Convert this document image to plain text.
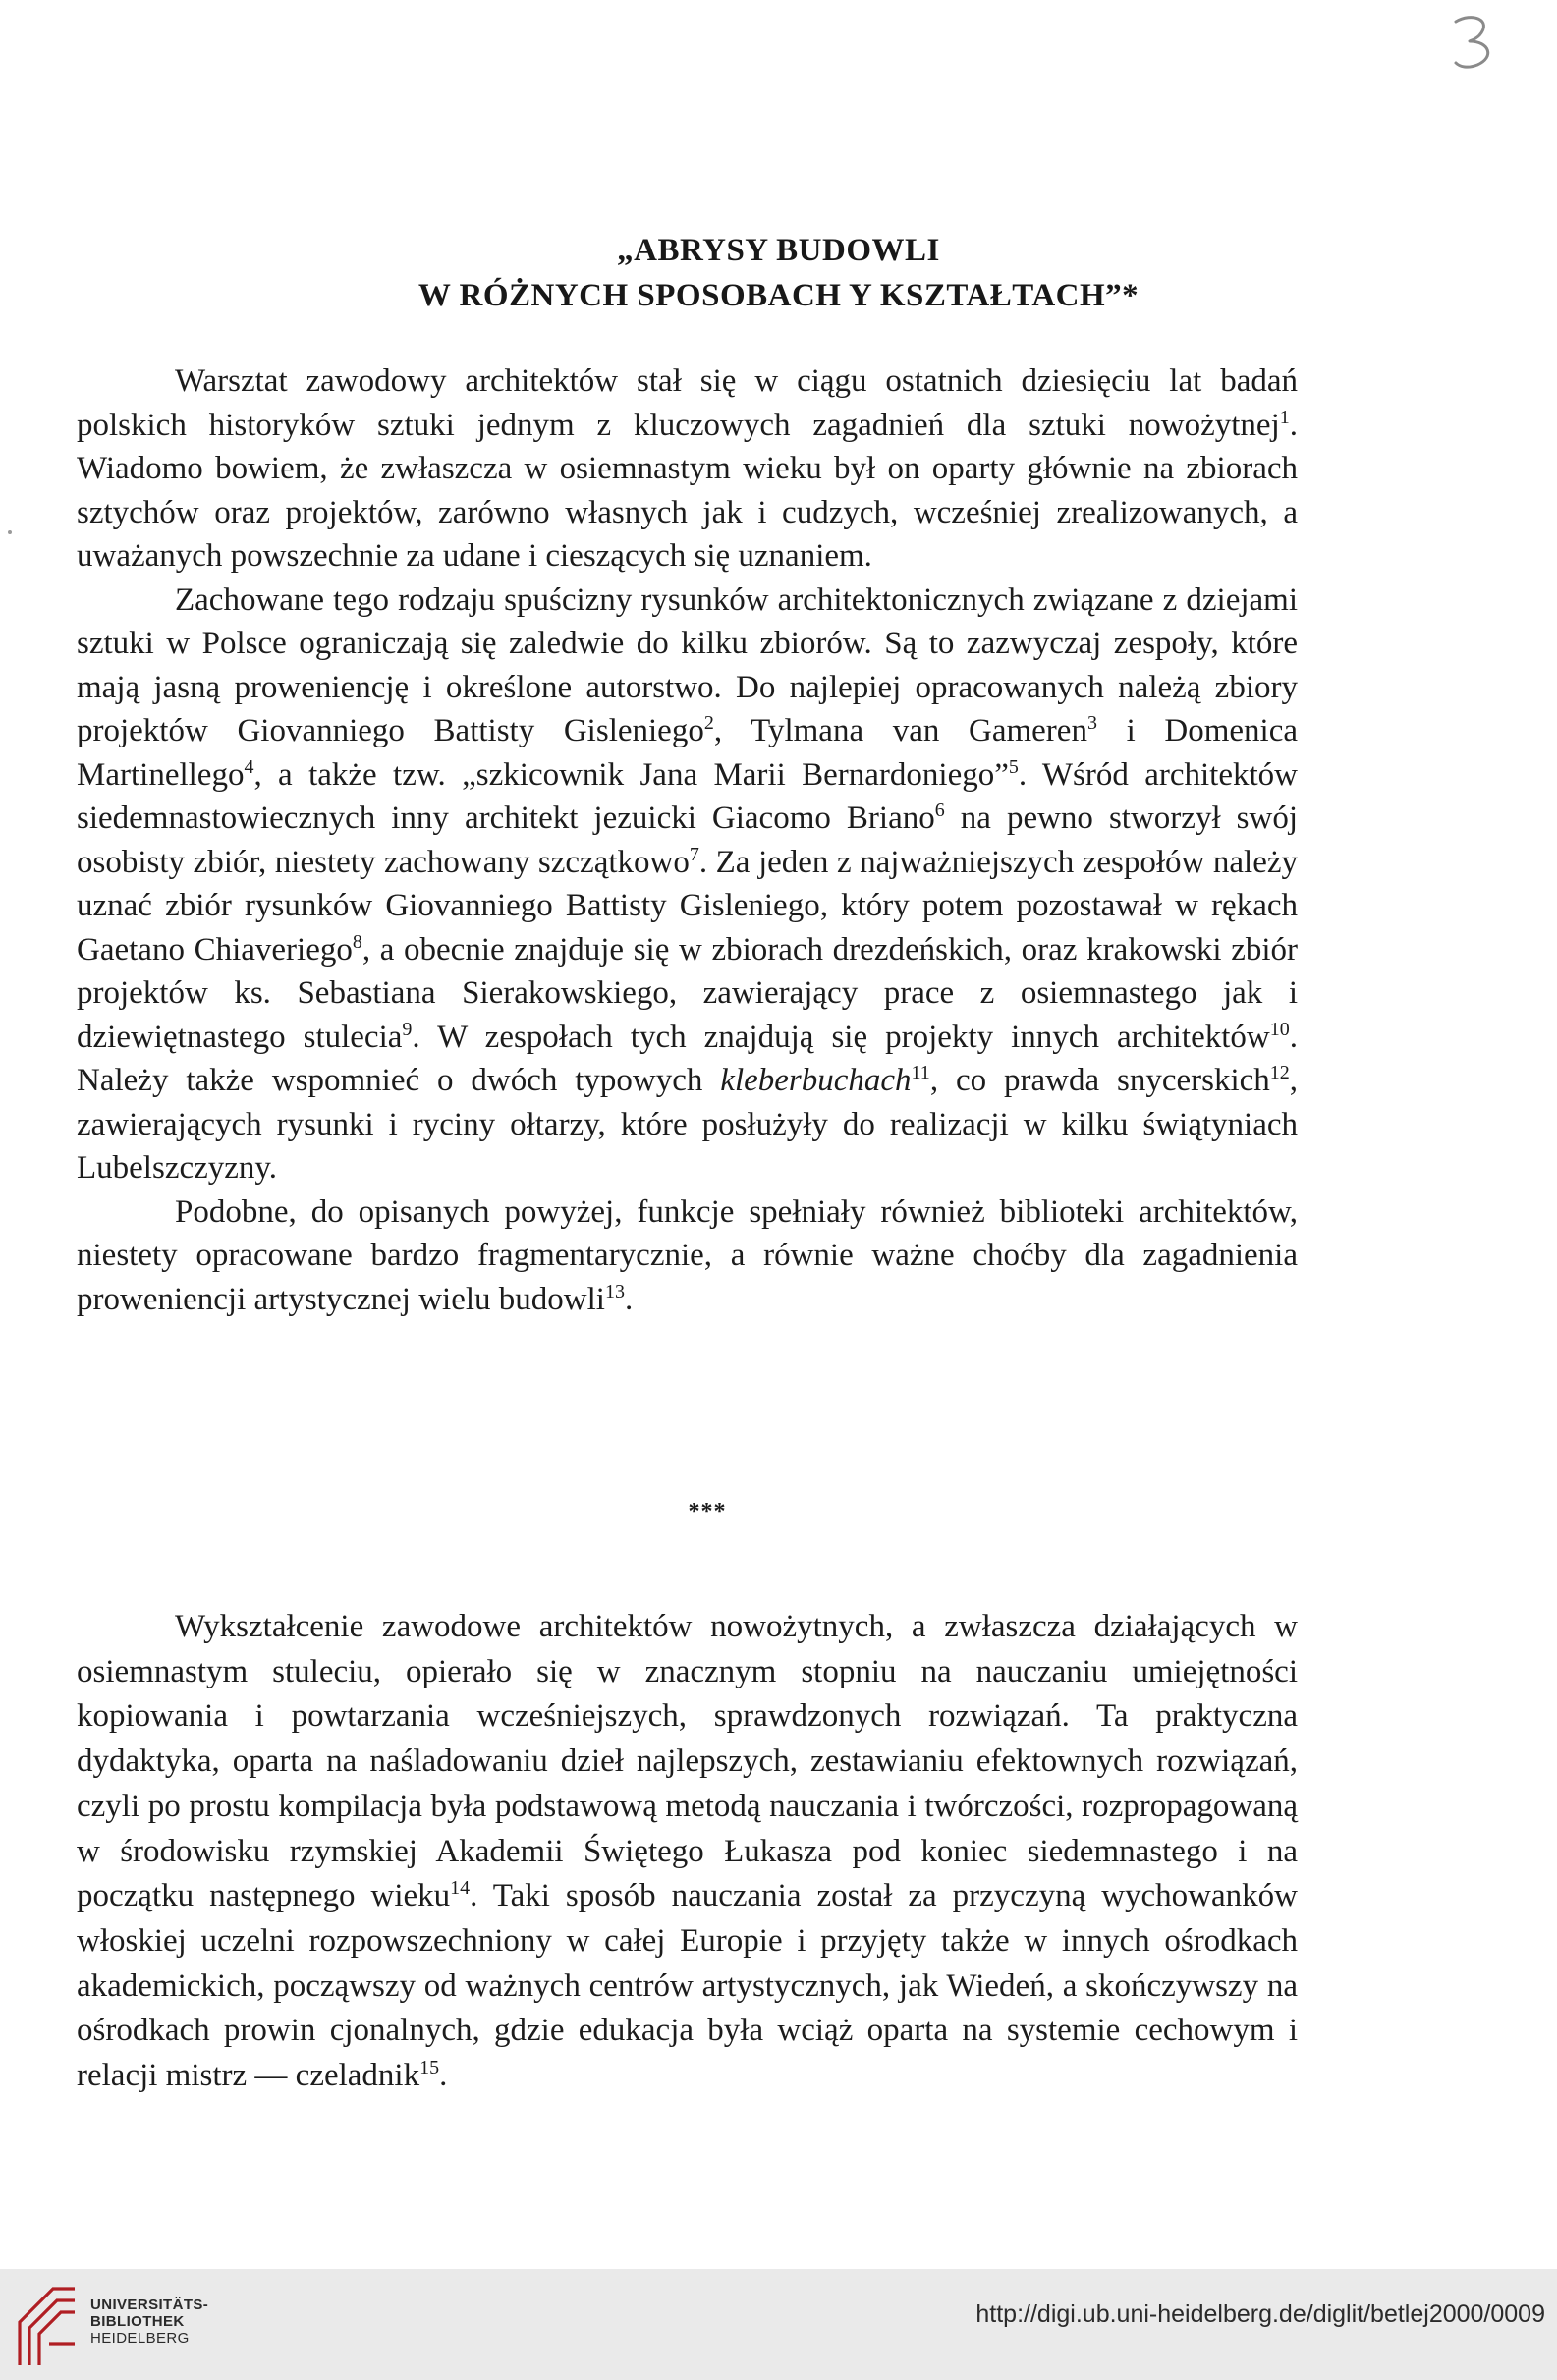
„ABRYSY BUDOWLI
W RÓŻNYCH SPOSOBACH Y KSZTAŁTACH”*

Warsztat zawodowy architektów stał się w ciągu ostatnich dziesięciu lat badań polskich historyków sztuki jednym z kluczowych zagadnień dla sztuki nowożytnej$^1$. Wiadomo bowiem, że zwłaszcza w osiemnastym wieku był on oparty głównie na zbiorach sztychów oraz projektów, zarówno własnych jak i cudzych, wcześniej zrealizowanych, a uważanych powszechnie za udane i cieszących się uznaniem.

Zachowane tego rodzaju spuścizny rysunków architektonicznych związane z dziejami sztuki w Polsce ograniczają się zaledwie do kilku zbiorów. Są to zazwyczaj zespoły, które mają jasną proweniencję i określone autorstwo. Do najlepiej opracowanych należą zbiory projektów Giovanniego Battisty Gisleniego$^2$, Tylmana van Gameren$^3$ i Domenica Martinellego$^4$, a także tzw. „szkicownik Jana Marii Bernardoniego”$^5$. Wśród architektów siedemnastowiecznych inny architekt jezuicki Giacomo Briano$^6$ na pewno stworzył swój osobisty zbiór, niestety zachowany szczątkowo$^7$. Za jeden z najważniejszych zespołów należy uznać zbiór rysunków Giovanniego Battisty Gisleniego, który potem pozostawał w rękach Gaetano Chiaveriego$^8$, a obecnie znajduje się w zbiorach drezdeńskich, oraz krakowski zbiór projektów ks. Sebastiana Sierakowskiego, zawierający prace z osiemnastego jak i dziewiętnastego stulecia$^9$. W zespołach tych znajdują się projekty innych architektów$^{10}$. Należy także wspomnieć o dwóch typowych kleberbuchach$^{11}$, co prawda snycerskich$^{12}$, zawierających rysunki i ryciny ołtarzy, które posłużyły do realizacji w kilku świątyniach Lubelszczyzny.

Podobne, do opisanych powyżej, funkcje spełniały również biblioteki architektów, niestety opracowane bardzo fragmentarycznie, a równie ważne choćby dla zagadnienia proweniencji artystycznej wielu budowli$^{13}$.

***

Wykształcenie zawodowe architektów nowożytnych, a zwłaszcza działających w osiemnastym stuleciu, opierało się w znacznym stopniu na nauczaniu umiejętności kopiowania i powtarzania wcześniejszych, sprawdzonych rozwiązań. Ta praktyczna dydaktyka, oparta na naśladowaniu dzieł najlepszych, zestawianiu efektownych rozwiązań, czyli po prostu kompilacja była podstawową metodą nauczania i twórczości, rozpropagowaną w środowisku rzymskiej Akademii Świętego Łukasza pod koniec siedemnastego i na początku następnego wieku$^{14}$. Taki sposób nauczania został za przyczyną wychowanków włoskiej uczelni rozpowszechniony w całej Europie i przyjęty także w innych ośrodkach akademickich, począwszy od ważnych centrów artystycznych, jak Wiedeń, a skończywszy na ośrodkach prowin cjonalnych, gdzie edukacja była wciąż oparta na systemie cechowym i relacji mistrz — czeladnik$^{15}$.

UNIVERSITÄTS-
BIBLIOTHEK
HEIDELBERG
http://digi.ub.uni-heidelberg.de/diglit/betlej2000/0009
